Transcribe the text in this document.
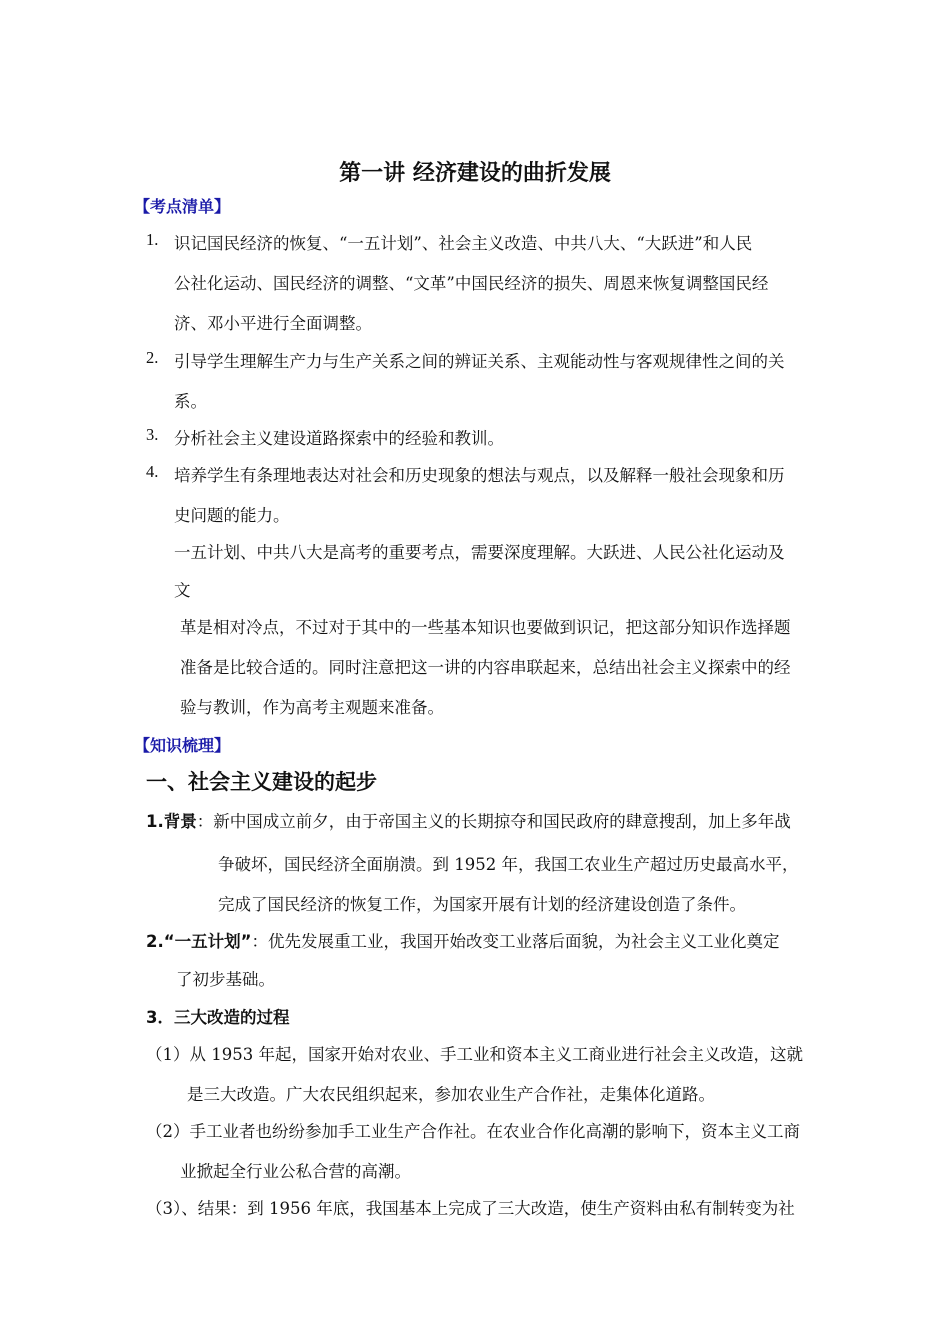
第一讲 经济建设的曲折发展
【考点清单】
1. 识记国民经济的恢复、“一五计划”、社会主义改造、中共八大、“大跃进”和人民
公社化运动、国民经济的调整、“文革”中国民经济的损失、周恩来恢复调整国民经
济、邓小平进行全面调整。
2. 引导学生理解生产力与生产关系之间的辨证关系、主观能动性与客观规律性之间的关
系。
3. 分析社会主义建设道路探索中的经验和教训。
4. 培养学生有条理地表达对社会和历史现象的想法与观点，以及解释一般社会现象和历
史问题的能力。
一五计划、中共八大是高考的重要考点，需要深度理解。大跃进、人民公社化运动及
文
革是相对冷点，不过对于其中的一些基本知识也要做到识记，把这部分知识作选择题
准备是比较合适的。同时注意把这一讲的内容串联起来，总结出社会主义探索中的经
验与教训，作为高考主观题来准备。
【知识梳理】
一、社会主义建设的起步
1.背景：新中国成立前夕，由于帝国主义的长期掠夺和国民政府的肆意搜刮，加上多年战
争破坏，国民经济全面崩溃。到 1952 年，我国工农业生产超过历史最高水平，
完成了国民经济的恢复工作，为国家开展有计划的经济建设创造了条件。
2.“一五计划”：优先发展重工业，我国开始改变工业落后面貌，为社会主义工业化奠定
了初步基础。
3．三大改造的过程
（1）从 1953 年起，国家开始对农业、手工业和资本主义工商业进行社会主义改造，这就
是三大改造。广大农民组织起来，参加农业生产合作社，走集体化道路。
（2）手工业者也纷纷参加手工业生产合作社。在农业合作化高潮的影响下，资本主义工商
业掀起全行业公私合营的高潮。
（3）、结果：到 1956 年底，我国基本上完成了三大改造，使生产资料由私有制转变为社
